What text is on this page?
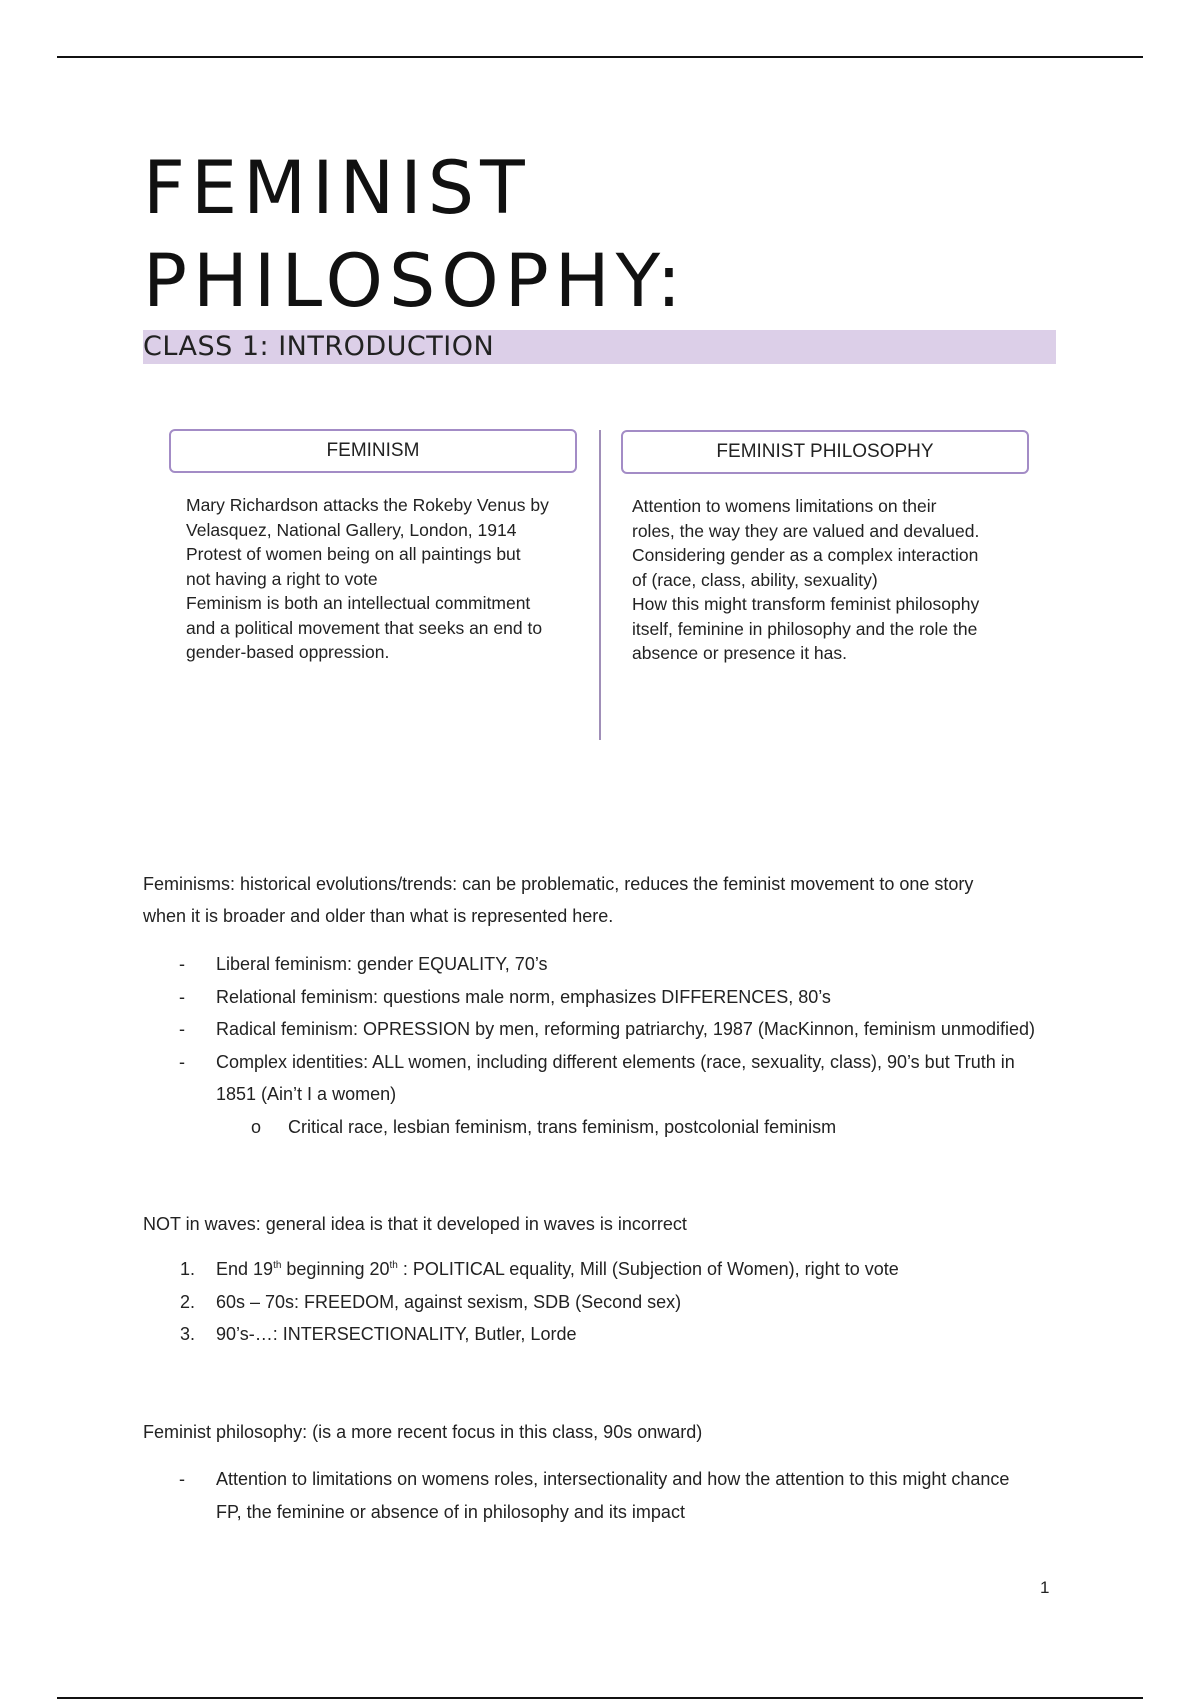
FEMINIST
PHILOSOPHY:
CLASS 1: INTRODUCTION
FEMINISM	FEMINIST PHILOSOPHY

Mary Richardson attacks the Rokeby Venus by

Velasquez, National Gallery, London, 1914

Protest of women being on all paintings but

not having a right to vote

Feminism is both an intellectual commitment

and a political movement that seeks an end to

gender-based oppression.

Attention to womens limitations on their

roles, the way they are valued and devalued.

Considering gender as a complex interaction

of (race, class, ability, sexuality)

How this might transform feminist philosophy

itself, feminine in philosophy and the role the

absence or presence it has.

Feminisms: historical evolutions/trends: can be problematic, reduces the feminist movement to one story
when it is broader and older than what is represented here.

- Liberal feminism: gender EQUALITY, 70’s
- Relational feminism: questions male norm, emphasizes DIFFERENCES, 80’s
- Radical feminism: OPRESSION by men, reforming patriarchy, 1987 (MacKinnon, feminism unmodified)
- Complex identities: ALL women, including different elements (race, sexuality, class), 90’s but Truth in
1851 (Ain’t I a women)
o Critical race, lesbian feminism, trans feminism, postcolonial feminism

NOT in waves: general idea is that it developed in waves is incorrect

1. End 19th beginning 20th : POLITICAL equality, Mill (Subjection of Women), right to vote
2. 60s – 70s: FREEDOM, against sexism, SDB (Second sex)
3. 90’s-…: INTERSECTIONALITY, Butler, Lorde

Feminist philosophy: (is a more recent focus in this class, 90s onward)

- Attention to limitations on womens roles, intersectionality and how the attention to this might chance
FP, the feminine or absence of in philosophy and its impact
1
